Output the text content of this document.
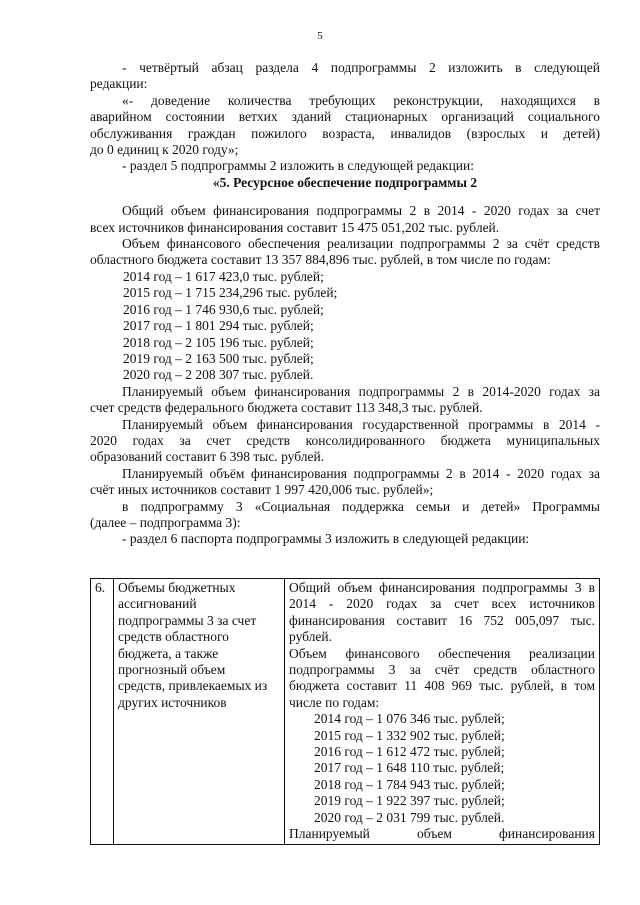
5

- четвёртый абзац раздела 4 подпрограммы 2 изложить в следующей

редакции:

«- доведение количества требующих реконструкции, находящихся в

аварийном состоянии ветхих зданий стационарных организаций социального

обслуживания граждан пожилого возраста, инвалидов (взрослых и детей)

до 0 единиц к 2020 году»;

- раздел 5 подпрограммы 2 изложить в следующей редакции:

«5. Ресурсное обеспечение подпрограммы 2

Общий объем финансирования подпрограммы 2 в 2014 - 2020 годах за счет

всех источников финансирования составит 15 475 051,202 тыс. рублей.

Объем финансового обеспечения реализации подпрограммы 2 за счёт средств

областного бюджета составит 13 357 884,896 тыс. рублей, в том числе по годам:

2014 год – 1 617 423,0 тыс. рублей;

2015 год – 1 715 234,296 тыс. рублей;

2016 год – 1 746 930,6 тыс. рублей;

2017 год – 1 801 294 тыс. рублей;

2018 год – 2 105 196 тыс. рублей;

2019 год – 2 163 500 тыс. рублей;

2020 год – 2 208 307 тыс. рублей.

Планируемый объем финансирования подпрограммы 2 в 2014-2020 годах за

счет средств федерального бюджета составит 113 348,3 тыс. рублей.

Планируемый объем финансирования государственной программы в 2014 -

2020 годах за счет средств консолидированного бюджета муниципальных

образований составит 6 398 тыс. рублей.

Планируемый объём финансирования подпрограммы 2 в 2014 - 2020 годах за

счёт иных источников составит 1 997 420,006 тыс. рублей»;

в подпрограмму 3 «Социальная поддержка семьи и детей» Программы

(далее – подпрограмма 3):

- раздел 6 паспорта подпрограммы 3 изложить в следующей редакции:

6.	Объемы бюджетных
ассигнований
подпрограммы 3 за счет
средств областного
бюджета, а также
прогнозный объем
средств, привлекаемых из
других источников

Общий объем финансирования подпрограммы 3 в
2014 - 2020 годах за счет всех источников
финансирования составит 16 752 005,097 тыс.
рублей.
Объем финансового обеспечения реализации
подпрограммы 3 за счёт средств областного
бюджета составит 11 408 969 тыс. рублей, в том
числе по годам:
2014 год – 1 076 346 тыс. рублей;
2015 год – 1 332 902 тыс. рублей;
2016 год – 1 612 472 тыс. рублей;
2017 год – 1 648 110 тыс. рублей;
2018 год – 1 784 943 тыс. рублей;
2019 год – 1 922 397 тыс. рублей;
2020 год – 2 031 799 тыс. рублей.
Планируемый объем финансирования
